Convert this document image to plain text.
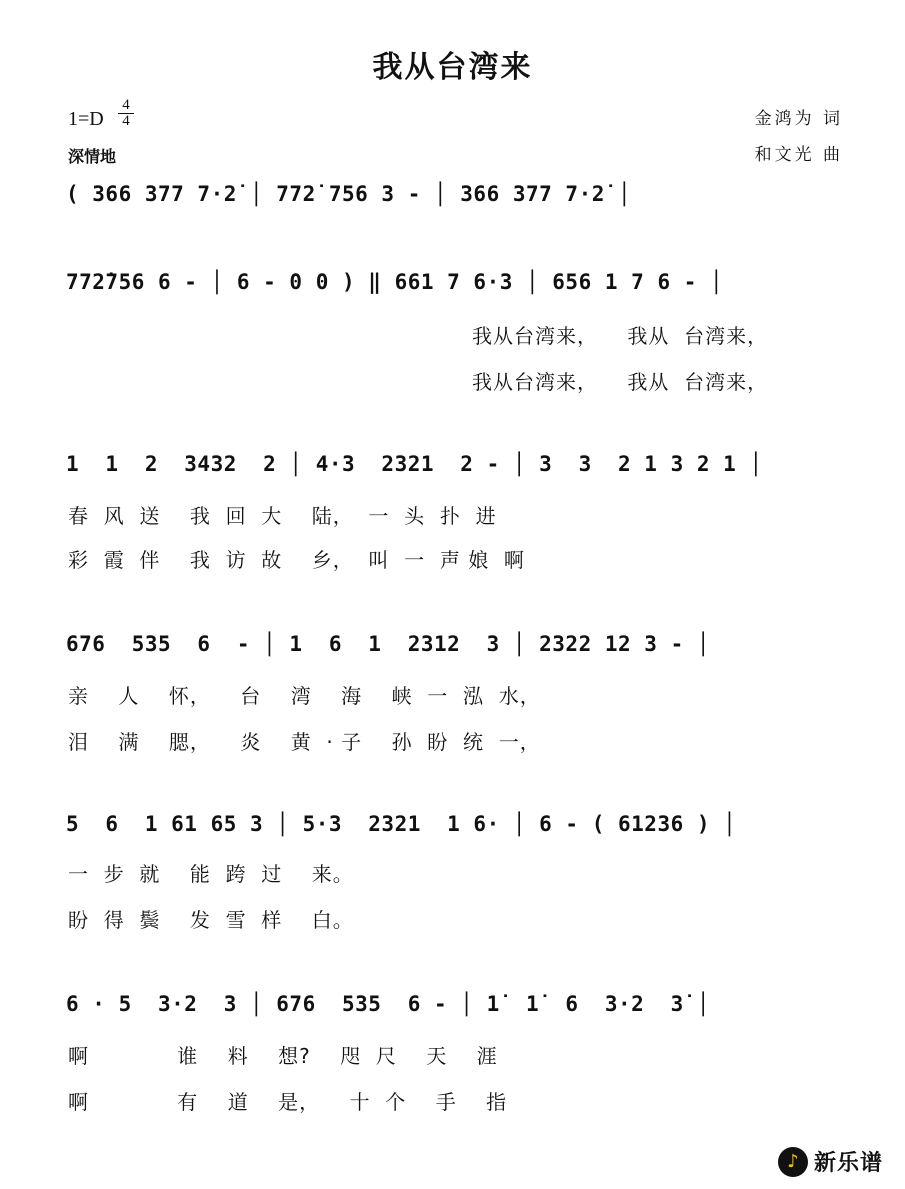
我从台湾来
$1=D \frac{4}{4}$
深情地
金鸿为 词
和文光 曲
( 366 377 7·2̇ │ 772̇ 756 3 - │ 366 377 7·2̇ │
772̇756 6 - │ 6 - 0 0 ) ‖ 661 7 6·3 │ 656 1 7 6 - │
我从台湾来，    我从  台湾来，
我从台湾来，    我从  台湾来，
1  1  2  3432  2 │ 4·3  2321  2 - │ 3  3  2 1 3 2 1 │
春  风  送    我  回  大    陆，  一  头  扑  进
彩  霞  伴    我  访  故    乡，  叫  一  声 娘  啊
676  535  6  - │ 1  6  1  2312  3 │ 2322 12 3 - │
亲    人    怀，    台    湾    海    峡  一  泓  水，
泪    满    腮，    炎    黄  · 子    孙  盼  统  一，
5  6  1 61 65 3 │ 5·3  2321  1 6· │ 6 - ( 61236 ) │
一  步  就    能  跨  过    来。
盼  得  鬓    发  雪  样    白。
6 · 5  3·2  3 │ 676  535  6 - │ 1̇  1̇  6  3·2  3̇ │
啊            谁    料    想?    咫  尺    天    涯
啊            有    道    是，    十  个    手    指
♪ 新乐谱
